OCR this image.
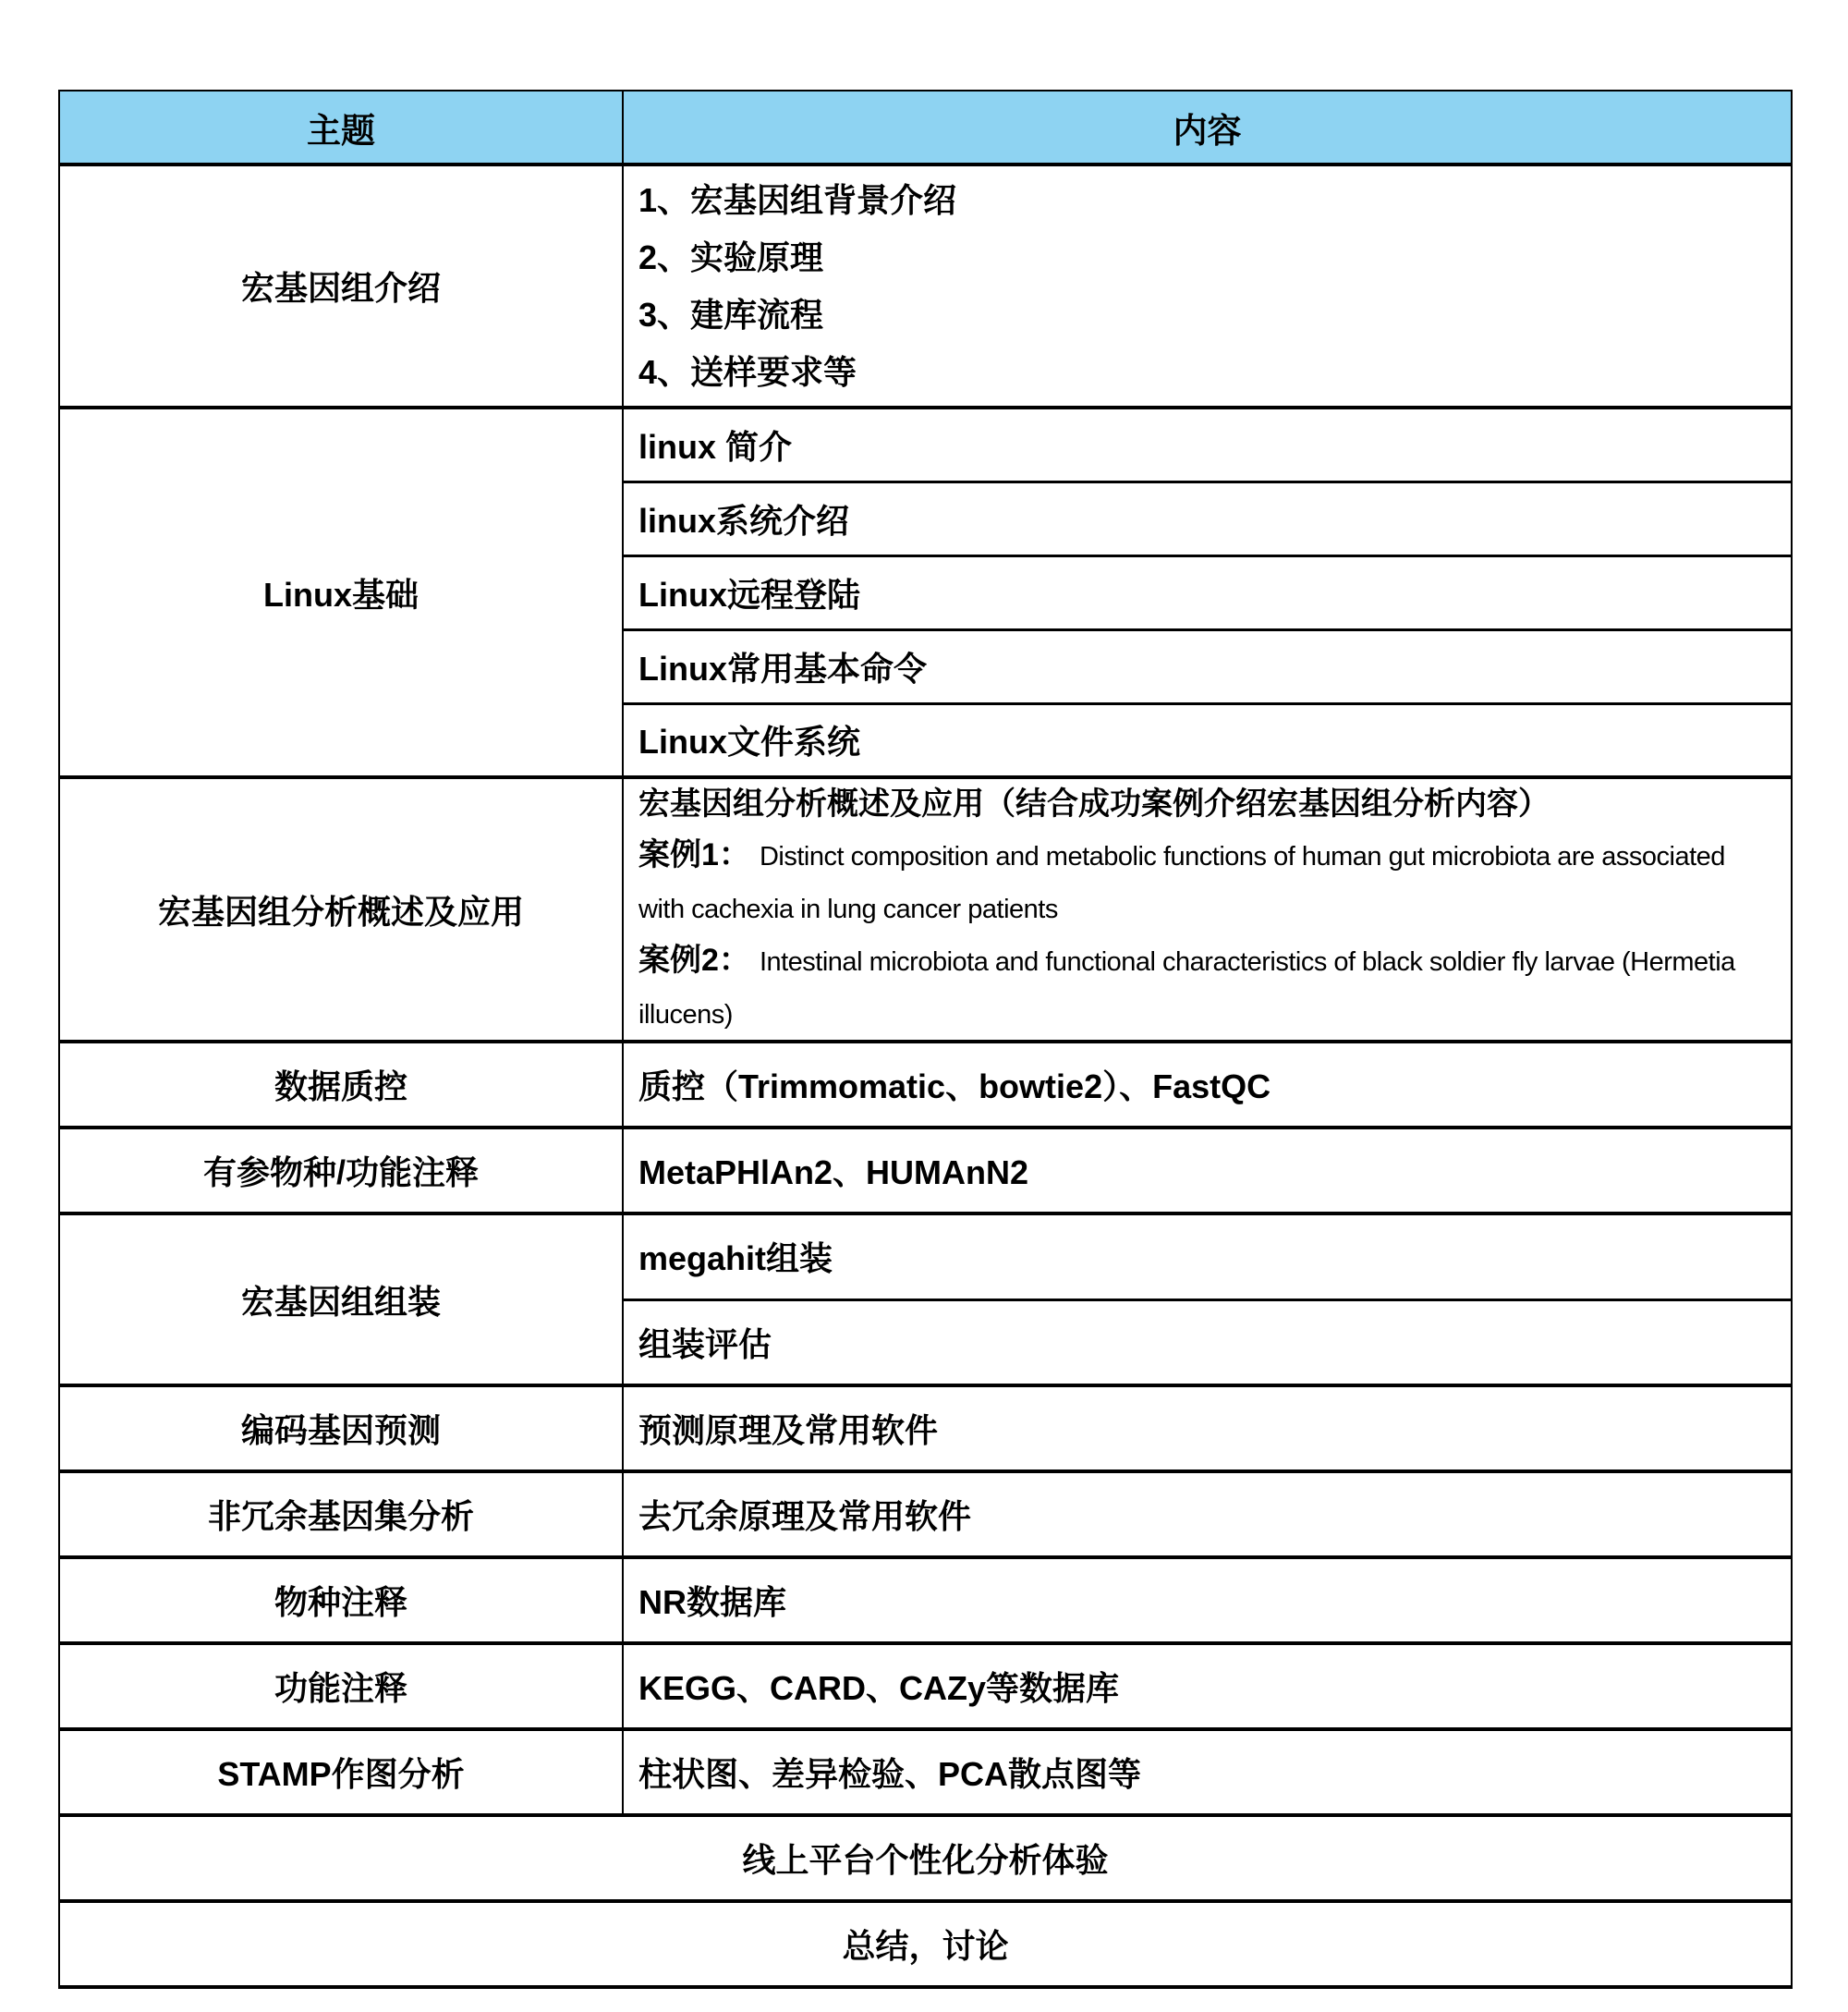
主题	内容
宏基因组介绍	1、宏基因组背景介绍
2、实验原理
3、建库流程
4、送样要求等

Linux基础	linux 简介
	linux系统介绍
	Linux远程登陆
	Linux常用基本命令
	Linux文件系统
宏基因组分析概述及应用	宏基因组分析概述及应用（结合成功案例介绍宏基因组分析内容）

案例1： Distinct composition and metabolic functions of human gut microbiota are associated with cachexia in lung cancer patients

案例2： Intestinal microbiota and functional characteristics of black soldier fly larvae (Hermetia illucens)

数据质控	质控（Trimmomatic、bowtie2）、FastQC
有参物种/功能注释	MetaPHlAn2、HUMAnN2
宏基因组组装	megahit组装
	组装评估
编码基因预测	预测原理及常用软件
非冗余基因集分析	去冗余原理及常用软件
物种注释	NR数据库
功能注释	KEGG、CARD、CAZy等数据库
STAMP作图分析	柱状图、差异检验、PCA散点图等
线上平台个性化分析体验	
总结，讨论	
